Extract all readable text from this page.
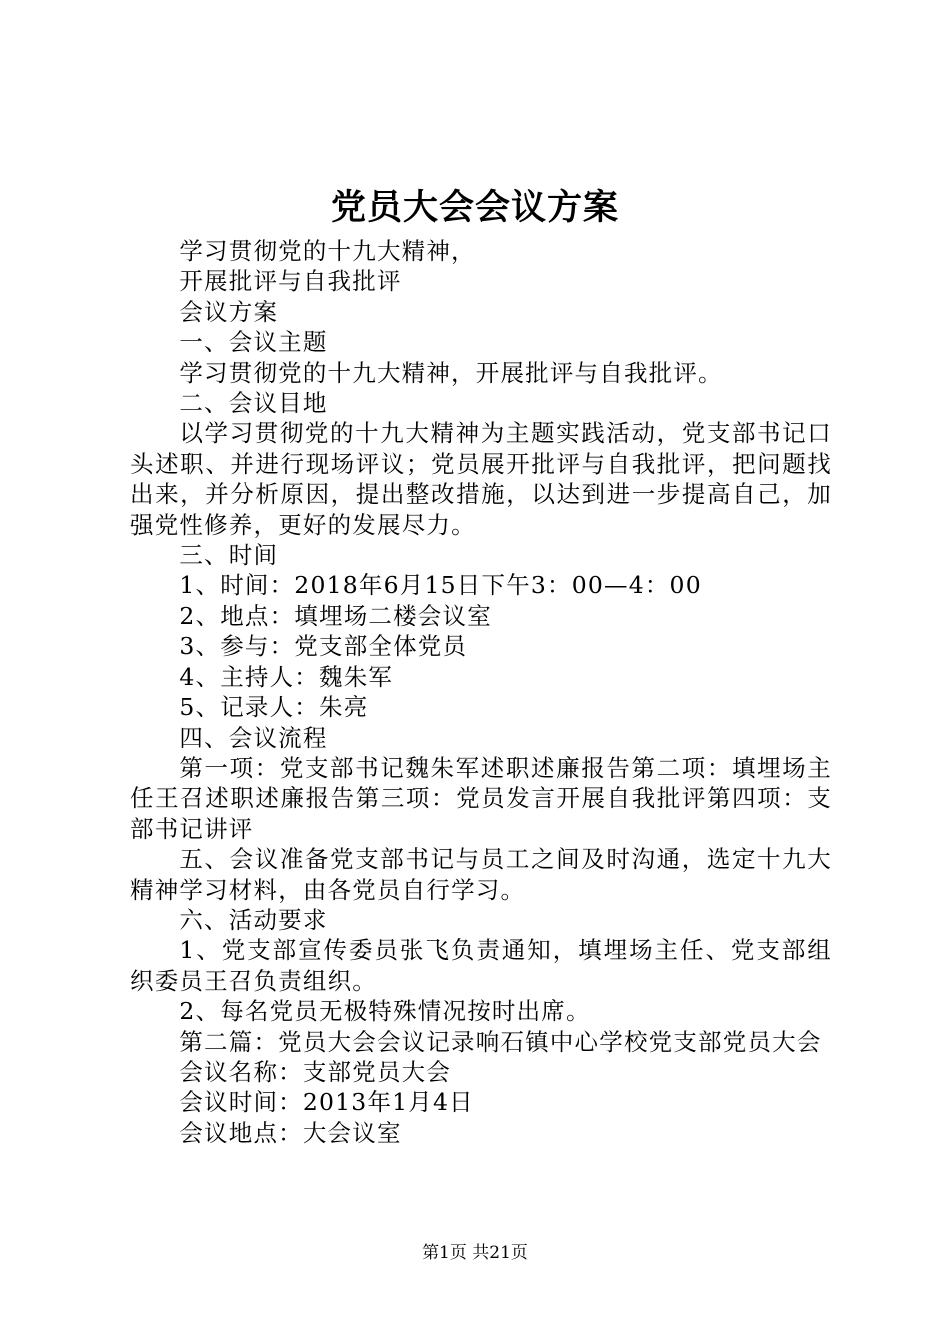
党员大会会议方案

学习贯彻党的十九大精神，

开展批评与自我批评

会议方案

一、会议主题

学习贯彻党的十九大精神，开展批评与自我批评。

二、会议目地

以学习贯彻党的十九大精神为主题实践活动，党支部书记口头述职、并进行现场评议；党员展开批评与自我批评，把问题找出来，并分析原因，提出整改措施，以达到进一步提高自己，加强党性修养，更好的发展尽力。

三、时间

1、时间：2018年6月15日下午3：00—4：00

2、地点：填埋场二楼会议室

3、参与：党支部全体党员

4、主持人：魏朱军

5、记录人：朱亮

四、会议流程

第一项：党支部书记魏朱军述职述廉报告第二项：填埋场主任王召述职述廉报告第三项：党员发言开展自我批评第四项：支部书记讲评

五、会议准备党支部书记与员工之间及时沟通，选定十九大精神学习材料，由各党员自行学习。

六、活动要求

1、党支部宣传委员张飞负责通知，填埋场主任、党支部组织委员王召负责组织。

2、每名党员无极特殊情况按时出席。

第二篇：党员大会会议记录响石镇中心学校党支部党员大会

会议名称：支部党员大会

会议时间：2013年1月4日

会议地点：大会议室

第1页 共21页
